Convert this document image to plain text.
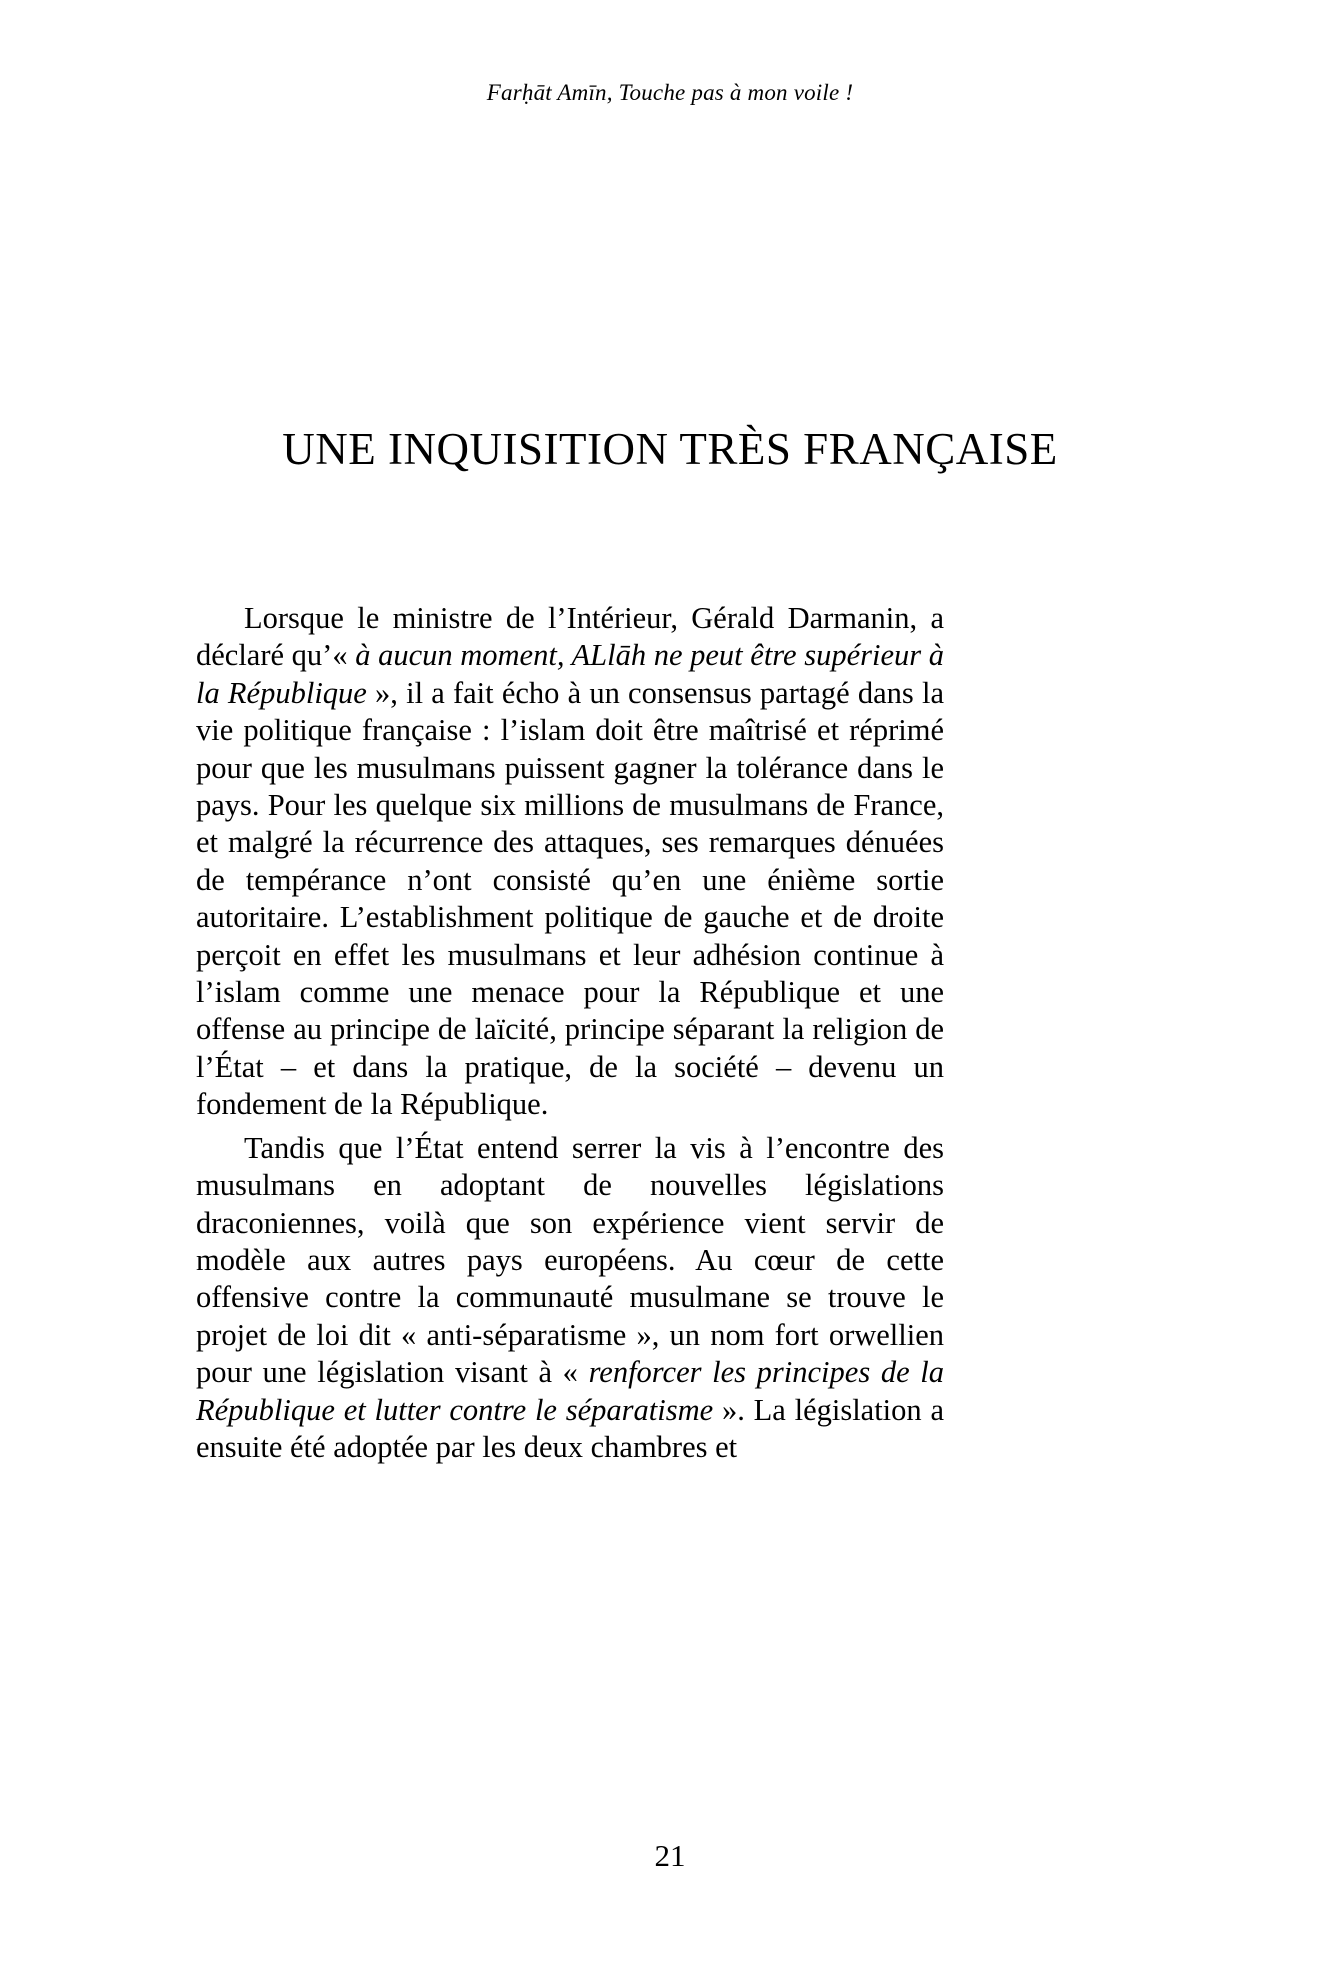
Farḥāt Amīn, Touche pas à mon voile !
UNE INQUISITION TRÈS FRANÇAISE

Lorsque le ministre de l’Intérieur, Gérald Darmanin, a déclaré qu’« à aucun moment, ALlāh ne peut être supérieur à la République », il a fait écho à un consensus partagé dans la vie politique française : l’islam doit être maîtrisé et réprimé pour que les musulmans puissent gagner la tolérance dans le pays. Pour les quelque six millions de musulmans de France, et malgré la récurrence des attaques, ses remarques dénuées de tempérance n’ont consisté qu’en une énième sortie autoritaire. L’establishment politique de gauche et de droite perçoit en effet les musulmans et leur adhésion continue à l’islam comme une menace pour la République et une offense au principe de laïcité, principe séparant la religion de l’État – et dans la pratique, de la société – devenu un fondement de la République.

Tandis que l’État entend serrer la vis à l’encontre des musulmans en adoptant de nouvelles législations draconiennes, voilà que son expérience vient servir de modèle aux autres pays européens. Au cœur de cette offensive contre la communauté musulmane se trouve le projet de loi dit « anti-séparatisme », un nom fort orwellien pour une législation visant à « renforcer les principes de la République et lutter contre le séparatisme ». La législation a ensuite été adoptée par les deux chambres et

21
